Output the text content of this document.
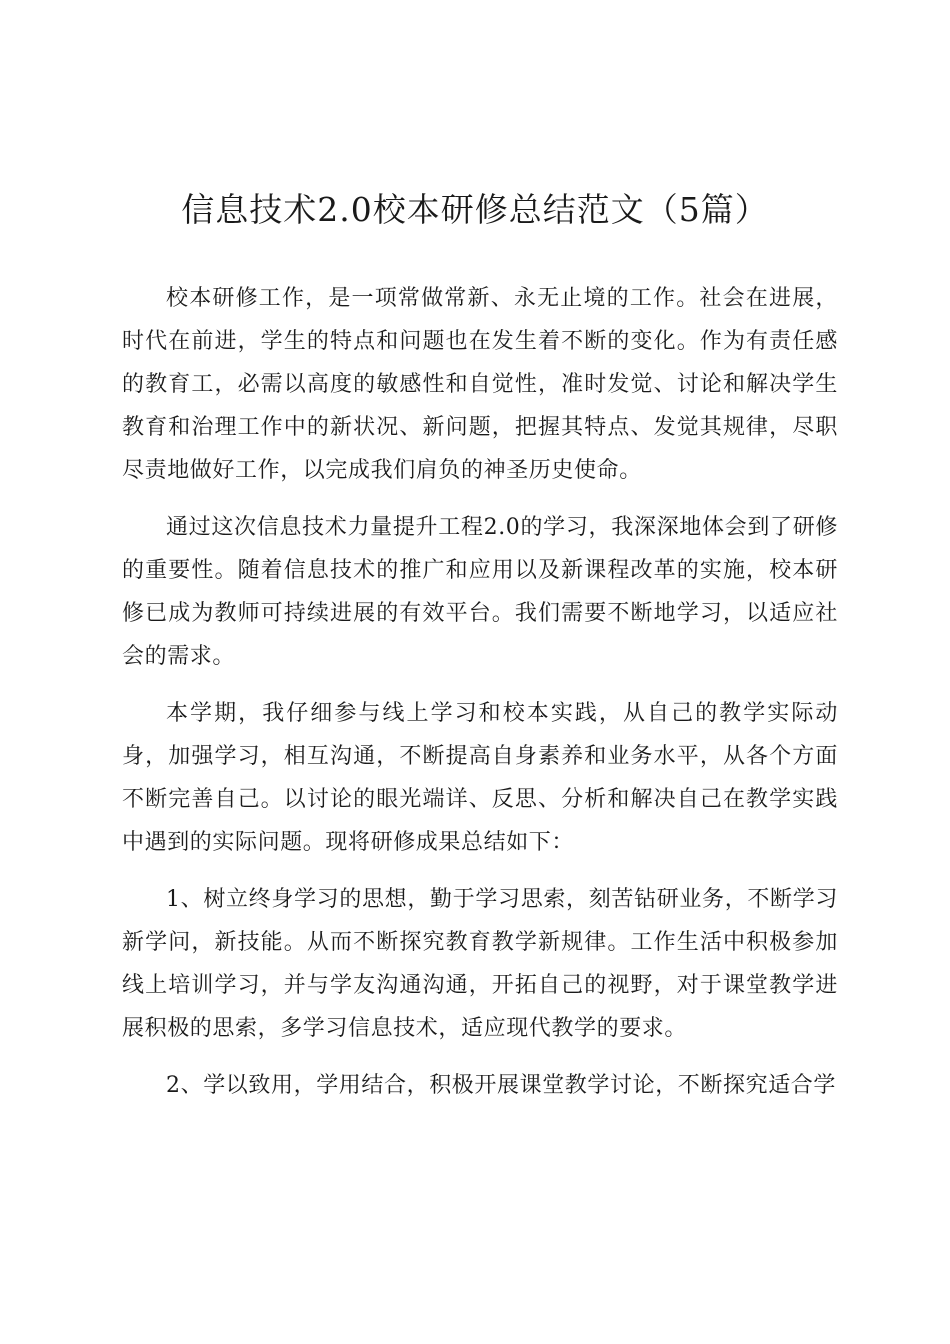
信息技术2.0校本研修总结范文（5篇）

校本研修工作，是一项常做常新、永无止境的工作。社会在进展，时代在前进，学生的特点和问题也在发生着不断的变化。作为有责任感的教育工，必需以高度的敏感性和自觉性，准时发觉、讨论和解决学生教育和治理工作中的新状况、新问题，把握其特点、发觉其规律，尽职尽责地做好工作，以完成我们肩负的神圣历史使命。

通过这次信息技术力量提升工程2.0的学习，我深深地体会到了研修的重要性。随着信息技术的推广和应用以及新课程改革的实施，校本研修已成为教师可持续进展的有效平台。我们需要不断地学习，以适应社会的需求。

本学期，我仔细参与线上学习和校本实践，从自己的教学实际动身，加强学习，相互沟通，不断提高自身素养和业务水平，从各个方面不断完善自己。以讨论的眼光端详、反思、分析和解决自己在教学实践中遇到的实际问题。现将研修成果总结如下：

1、树立终身学习的思想，勤于学习思索，刻苦钻研业务，不断学习新学问，新技能。从而不断探究教育教学新规律。工作生活中积极参加线上培训学习，并与学友沟通沟通，开拓自己的视野，对于课堂教学进展积极的思索，多学习信息技术，适应现代教学的要求。

2、学以致用，学用结合，积极开展课堂教学讨论，不断探究适合学
